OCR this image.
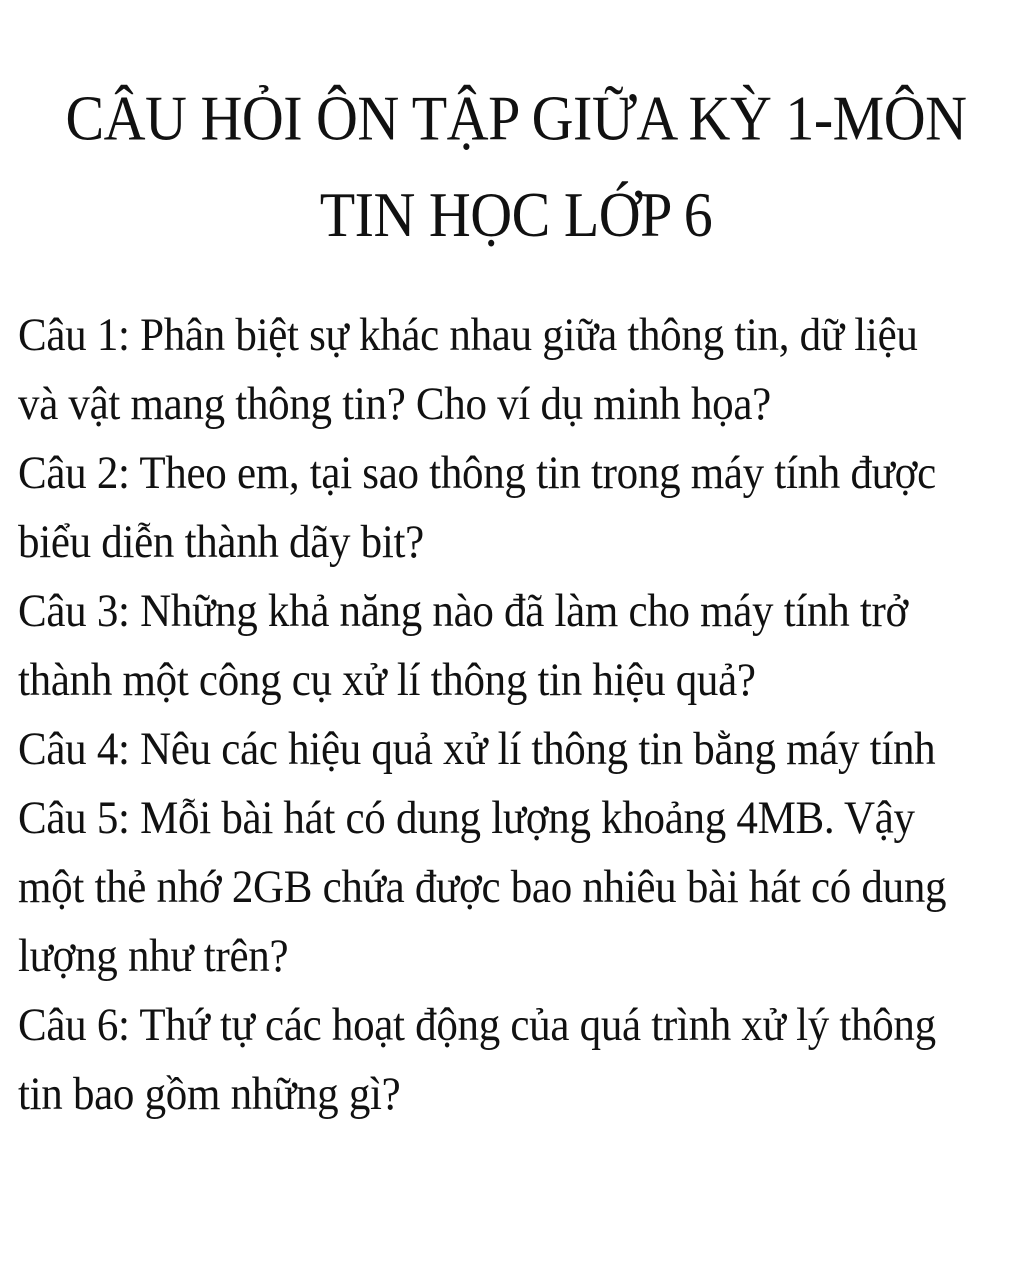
CÂU HỎI ÔN TẬP GIỮA KỲ 1-MÔN
TIN HỌC LỚP 6

Câu 1: Phân biệt sự khác nhau giữa thông tin, dữ liệu

và vật mang thông tin? Cho ví dụ minh họa?

Câu 2: Theo em, tại sao thông tin trong máy tính được

biểu diễn thành dãy bit?

Câu 3: Những khả năng nào đã làm cho máy tính trở

thành một công cụ xử lí thông tin hiệu quả?

Câu 4: Nêu các hiệu quả xử lí thông tin bằng máy tính

Câu 5: Mỗi bài hát có dung lượng khoảng 4MB. Vậy

một thẻ nhớ 2GB chứa được bao nhiêu bài hát có dung

lượng như trên?

Câu 6: Thứ tự các hoạt động của quá trình xử lý thông

tin bao gồm những gì?
